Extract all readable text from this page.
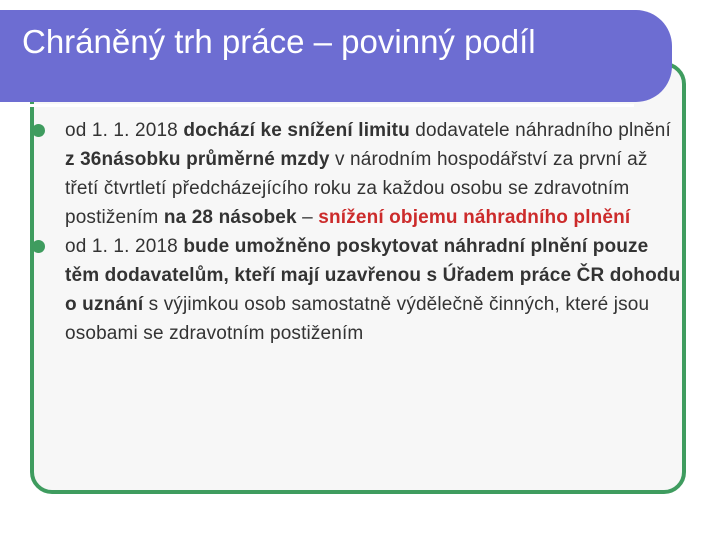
Chráněný trh práce – povinný podíl
od 1. 1. 2018 dochází ke snížení limitu dodavatele náhradního plnění z 36násobku průměrné mzdy v národním hospodářství za první až třetí čtvrtletí předcházejícího roku za každou osobu se zdravotním postižením na 28 násobek – snížení objemu náhradního plnění
od 1. 1. 2018 bude umožněno poskytovat náhradní plnění pouze těm dodavatelům, kteří mají uzavřenou s Úřadem práce ČR dohodu o uznání s výjimkou osob samostatně výdělečně činných, které jsou osobami se zdravotním postižením
